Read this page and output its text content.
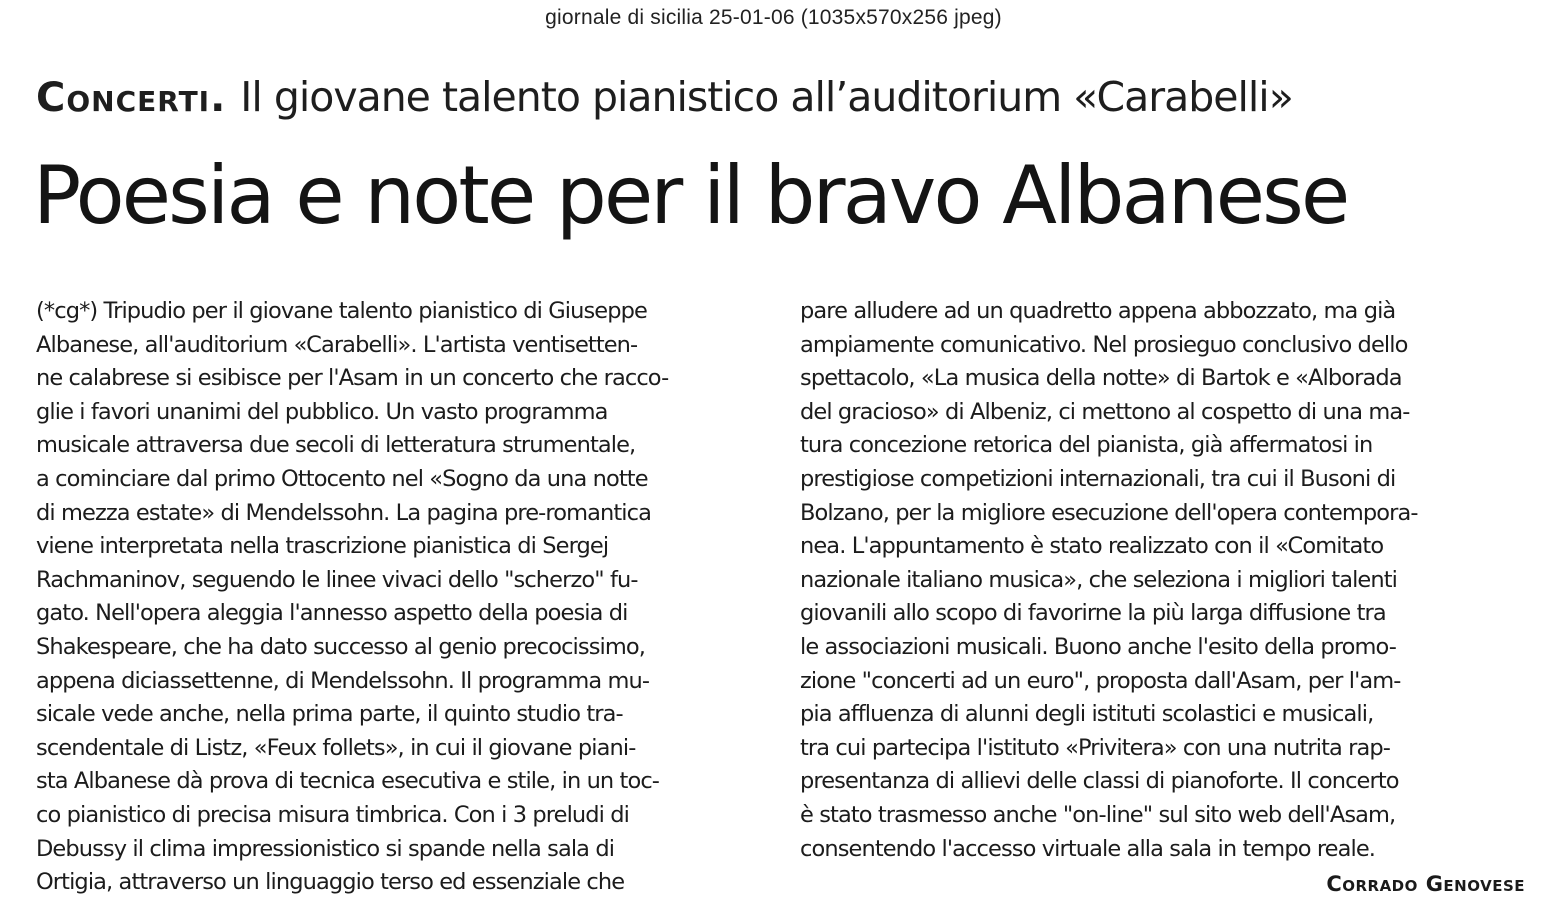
giornale di sicilia 25-01-06 (1035x570x256 jpeg)
Concerti. Il giovane talento pianistico all’auditorium «Carabelli»
Poesia e note per il bravo Albanese
(*cg*) Tripudio per il giovane talento pianistico di Giuseppe
Albanese, all'auditorium «Carabelli». L'artista ventisetten-
ne calabrese si esibisce per l'Asam in un concerto che racco-
glie i favori unanimi del pubblico. Un vasto programma
musicale attraversa due secoli di letteratura strumentale,
a cominciare dal primo Ottocento nel «Sogno da una notte
di mezza estate» di Mendelssohn. La pagina pre-romantica
viene interpretata nella trascrizione pianistica di Sergej
Rachmaninov, seguendo le linee vivaci dello "scherzo" fu-
gato. Nell'opera aleggia l'annesso aspetto della poesia di
Shakespeare, che ha dato successo al genio precocissimo,
appena diciassettenne, di Mendelssohn. Il programma mu-
sicale vede anche, nella prima parte, il quinto studio tra-
scendentale di Listz, «Feux follets», in cui il giovane piani-
sta Albanese dà prova di tecnica esecutiva e stile, in un toc-
co pianistico di precisa misura timbrica. Con i 3 preludi di
Debussy il clima impressionistico si spande nella sala di
Ortigia, attraverso un linguaggio terso ed essenziale che
pare alludere ad un quadretto appena abbozzato, ma già
ampiamente comunicativo. Nel prosieguo conclusivo dello
spettacolo, «La musica della notte» di Bartok e «Alborada
del gracioso» di Albeniz, ci mettono al cospetto di una ma-
tura concezione retorica del pianista, già affermatosi in
prestigiose competizioni internazionali, tra cui il Busoni di
Bolzano, per la migliore esecuzione dell'opera contempora-
nea. L'appuntamento è stato realizzato con il «Comitato
nazionale italiano musica», che seleziona i migliori talenti
giovanili allo scopo di favorirne la più larga diffusione tra
le associazioni musicali. Buono anche l'esito della promo-
zione "concerti ad un euro", proposta dall'Asam, per l'am-
pia affluenza di alunni degli istituti scolastici e musicali,
tra cui partecipa l'istituto «Privitera» con una nutrita rap-
presentanza di allievi delle classi di pianoforte. Il concerto
è stato trasmesso anche "on-line" sul sito web dell'Asam,
consentendo l'accesso virtuale alla sala in tempo reale.
Corrado Genovese
